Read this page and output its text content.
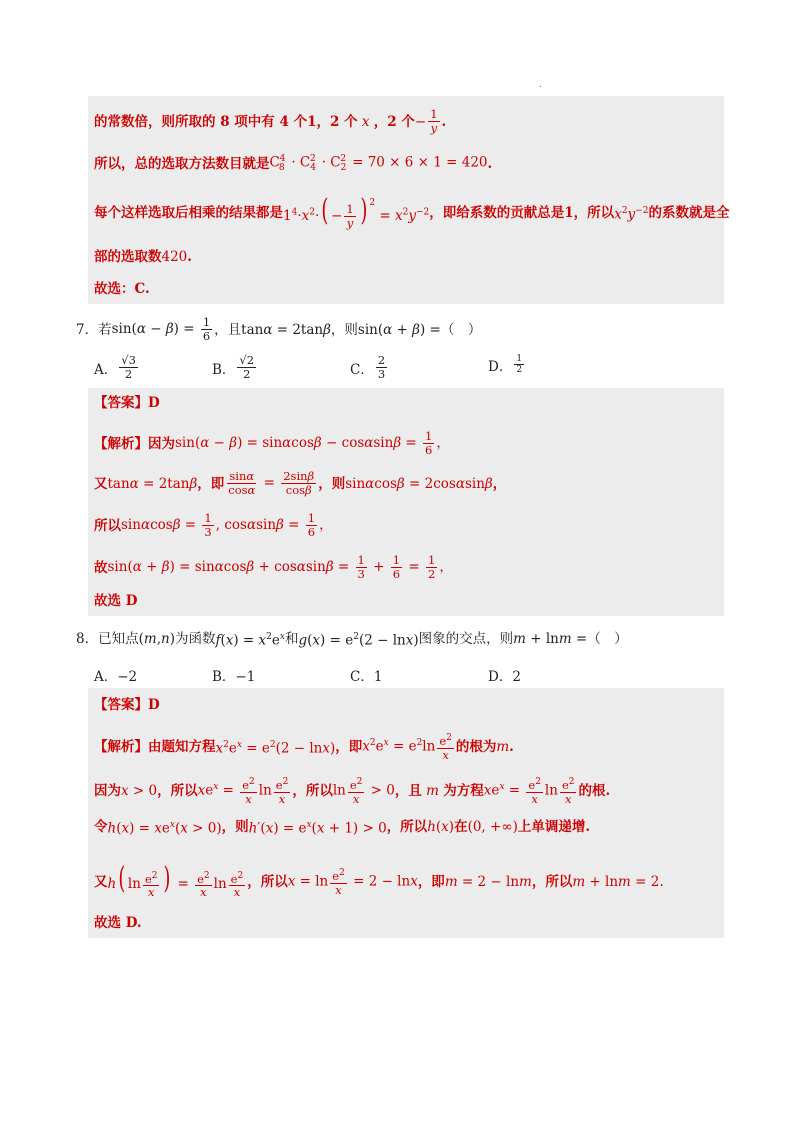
.
的常数倍，则所取的 8 项中有 4 个1，2 个 x ，2 个 − $\frac{1}{y}$ .
所以，总的选取方法数目就是 $C_8^4 \cdot C_4^2 \cdot C_2^2 = 70 \times 6 \times 1 = 420$ .
每个这样选取后相乘的结果都是 $1^4\cdot x^2\cdot( - \frac{1}{y}$ ) $^2 = x^2y^{-2}$ ，即给系数的贡献总是1，所以 $x^2y^{-2}$ 的系数就是全
部的选取数 420 .
故选：C.
7． 若 $\sin(\alpha - \beta) = \frac{1}{6}$ ，且 tanα = 2tanβ ，则 sin(α + β) = （　）
A． $\frac{√3}{2}$	B． $\frac{√2}{2}$	C． $\frac{2}{3}$	D． $\frac{1}{2}$
【答案】D
【解析】 因为 $\sin(\alpha - \beta) = \sin\alpha\cos\beta - \cos\alpha\sin\beta = \frac{1}{6}$ ，
又 tanα = 2tanβ ，即 $\frac{\sin\alpha}{\cos\alpha} = \frac{2\sin\beta}{\cos\beta}$ ，则 sinαcosβ = 2cosαsinβ ，
所以 $\sin\alpha\cos\beta = \frac{1}{3}$ , $\cos\alpha\sin\beta = \frac{1}{6}$ ，
故 $\sin(\alpha + \beta) = \sin\alpha\cos\beta + \cos\alpha\sin\beta = \frac{1}{3} + \frac{1}{6} = \frac{1}{2}$ ，
故选 D
8． 已知点 (m,n) 为函数 $f(x) = x^2e^x$ 和 $g(x) = e^2(2 - \ln x)$ 图象的交点，则 m + lnm = （　）
A．−2	B．−1	C．1	D．2
【答案】D
【解析】 由题知方程 $x^2e^x = e^2(2 - \ln x)$ ，即 $x^2e^x = e^2\ln \frac{e^2}{x}$ 的根为 m .
因为 x > 0 ，所以 $xe^x = \frac{e^2}{x}$ $\ln \frac{e^2}{x}$ ，所以 $\ln \frac{e^2}{x} > 0$ ，且 m 为方程 $xe^x = \frac{e^2}{x}$ $\ln \frac{e^2}{x}$ 的根.
令 $h(x) = xe^x(x > 0)$ ，则 $h'(x) = e^x(x + 1) > 0$ ，所以 h(x) 在 (0, +∞) 上单调递增.
又 h( $\ln \frac{e^2}{x}$ ) = $\frac{e^2}{x}$ $\ln \frac{e^2}{x}$ ，所以 $x = \ln \frac{e^2}{x} = 2 - \ln x$ ，即 m = 2 − lnm ，所以 m + lnm = 2.
故选 D.
